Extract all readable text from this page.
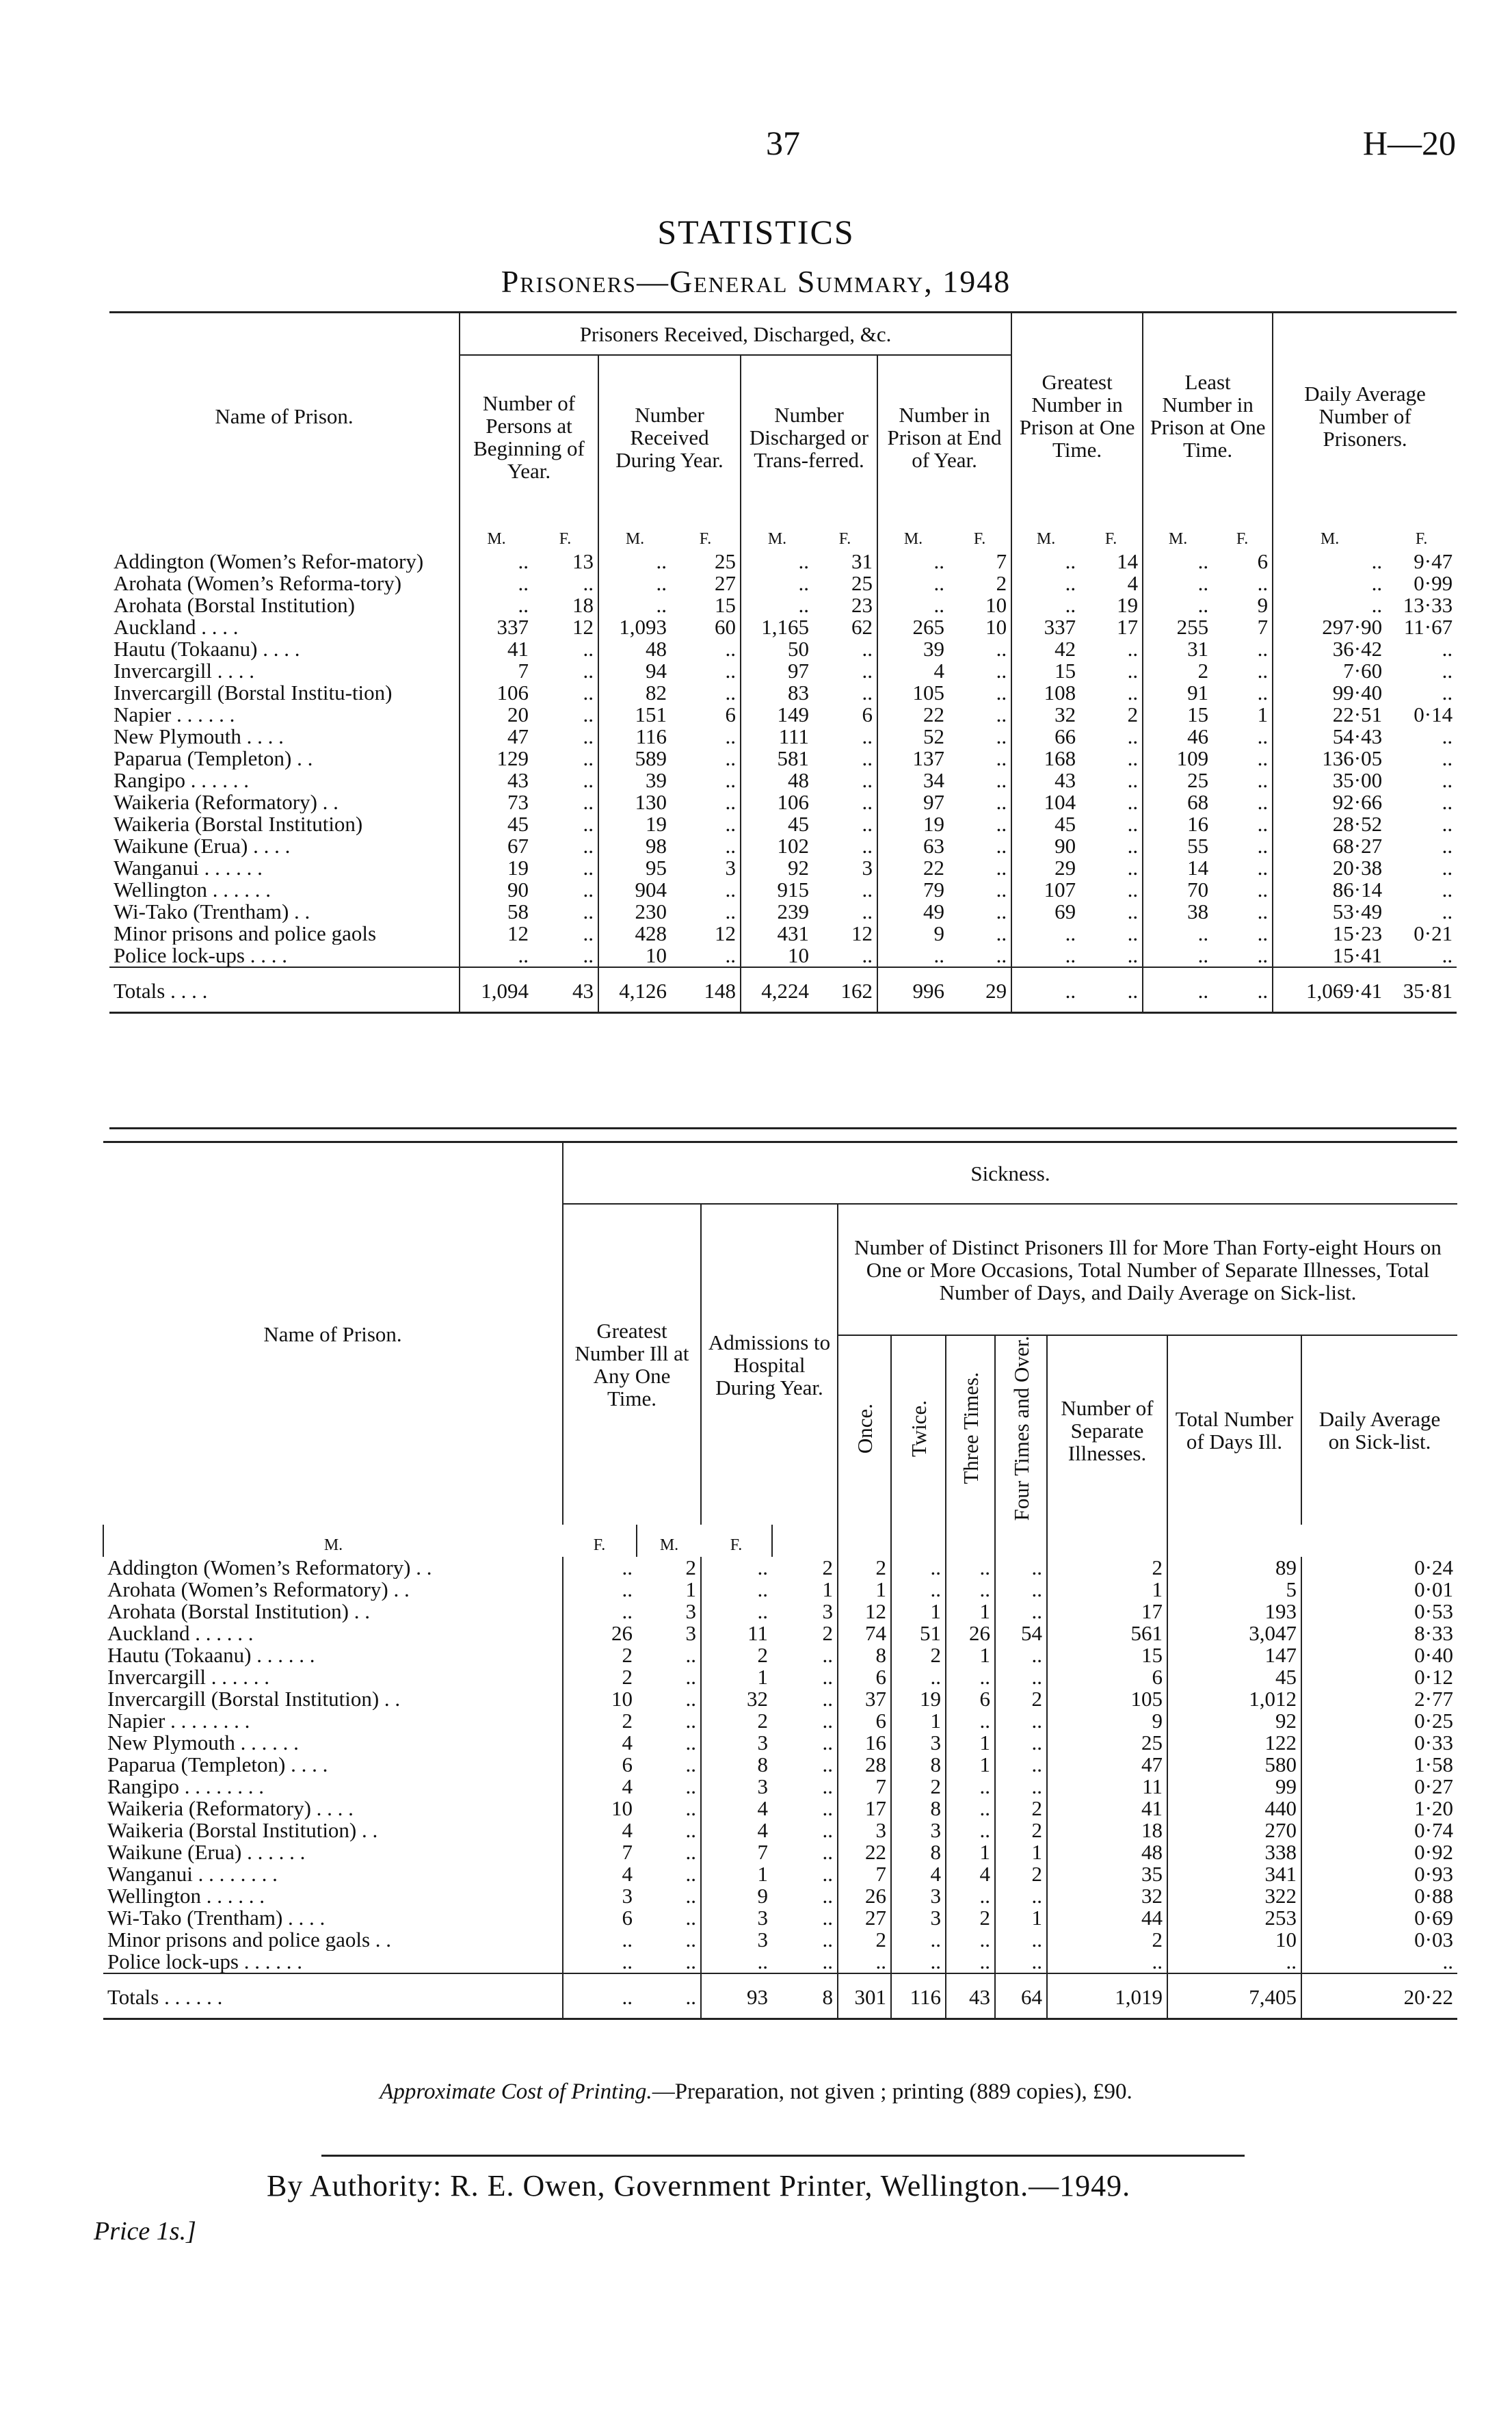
37	H—20
STATISTICS
Prisoners—General Summary, 1948
Name of Prison.	Prisoners Received, Discharged, &c.								Greatest Number in Prison at One Time.		Least Number in Prison at One Time.		Daily Average Number of Prisoners.	
	Number of Persons at Beginning of Year.		Number Received During Year.		Number Discharged or Trans-ferred.		Number in Prison at End of Year.							
	M.	F.	M.	F.	M.	F.	M.	F.	M.	F.	M.	F.	M.	F.
Addington (Women’s Refor-matory)	..	13	..	25	..	31	..	7	..	14	..	6	..	9·47
Arohata (Women’s Reforma-tory)	..	..	..	27	..	25	..	2	..	4	..	..	..	0·99
Arohata (Borstal Institution)	..	18	..	15	..	23	..	10	..	19	..	9	..	13·33
Auckland . . . .	337	12	1,093	60	1,165	62	265	10	337	17	255	7	297·90	11·67
Hautu (Tokaanu) . . . .	41	..	48	..	50	..	39	..	42	..	31	..	36·42	..
Invercargill . . . .	7	..	94	..	97	..	4	..	15	..	2	..	7·60	..
Invercargill (Borstal Institu-tion)	106	..	82	..	83	..	105	..	108	..	91	..	99·40	..
Napier . . . . . .	20	..	151	6	149	6	22	..	32	2	15	1	22·51	0·14
New Plymouth . . . .	47	..	116	..	111	..	52	..	66	..	46	..	54·43	..
Paparua (Templeton) . .	129	..	589	..	581	..	137	..	168	..	109	..	136·05	..
Rangipo . . . . . .	43	..	39	..	48	..	34	..	43	..	25	..	35·00	..
Waikeria (Reformatory) . .	73	..	130	..	106	..	97	..	104	..	68	..	92·66	..
Waikeria (Borstal Institution)	45	..	19	..	45	..	19	..	45	..	16	..	28·52	..
Waikune (Erua) . . . .	67	..	98	..	102	..	63	..	90	..	55	..	68·27	..
Wanganui . . . . . .	19	..	95	3	92	3	22	..	29	..	14	..	20·38	..
Wellington . . . . . .	90	..	904	..	915	..	79	..	107	..	70	..	86·14	..
Wi-Tako (Trentham) . .	58	..	230	..	239	..	49	..	69	..	38	..	53·49	..
Minor prisons and police gaols	12	..	428	12	431	12	9	..	..	..	..	..	15·23	0·21
Police lock-ups . . . .	..	..	10	..	10	..	..	..	..	..	..	..	15·41	..
Totals . . . .	1,094	43	4,126	148	4,224	162	996	29	..	..	..	..	1,069·41	35·81
Name of Prison.	Sickness.										
	Greatest Number Ill at Any One Time.		Admissions to Hospital During Year.		Number of Distinct Prisoners Ill for More Than Forty-eight Hours on One or More Occasions, Total Number of Separate Illnesses, Total Number of Days, and Daily Average on Sick-list.						
					Once.	Twice.	Three Times.	Four Times and Over.	Number of Separate Illnesses.	Total Number of Days Ill.	Daily Average on Sick-list.
M.	F.	M.	F.								
Addington (Women’s Reformatory) . .	..	2	..	2	2	..	..	..	2	89	0·24
Arohata (Women’s Reformatory) . .	..	1	..	1	1	..	..	..	1	5	0·01
Arohata (Borstal Institution) . .	..	3	..	3	12	1	1	..	17	193	0·53
Auckland . . . . . .	26	3	11	2	74	51	26	54	561	3,047	8·33
Hautu (Tokaanu) . . . . . .	2	..	2	..	8	2	1	..	15	147	0·40
Invercargill . . . . . .	2	..	1	..	6	..	..	..	6	45	0·12
Invercargill (Borstal Institution) . .	10	..	32	..	37	19	6	2	105	1,012	2·77
Napier . . . . . . . .	2	..	2	..	6	1	..	..	9	92	0·25
New Plymouth . . . . . .	4	..	3	..	16	3	1	..	25	122	0·33
Paparua (Templeton) . . . .	6	..	8	..	28	8	1	..	47	580	1·58
Rangipo . . . . . . . .	4	..	3	..	7	2	..	..	11	99	0·27
Waikeria (Reformatory) . . . .	10	..	4	..	17	8	..	2	41	440	1·20
Waikeria (Borstal Institution) . .	4	..	4	..	3	3	..	2	18	270	0·74
Waikune (Erua) . . . . . .	7	..	7	..	22	8	1	1	48	338	0·92
Wanganui . . . . . . . .	4	..	1	..	7	4	4	2	35	341	0·93
Wellington . . . . . .	3	..	9	..	26	3	..	..	32	322	0·88
Wi-Tako (Trentham) . . . .	6	..	3	..	27	3	2	1	44	253	0·69
Minor prisons and police gaols . .	..	..	3	..	2	..	..	..	2	10	0·03
Police lock-ups . . . . . .	..	..	..	..	..	..	..	..	..	..	..
Totals . . . . . .	..	..	93	8	301	116	43	64	1,019	7,405	20·22
Approximate Cost of Printing.—Preparation, not given ; printing (889 copies), £90.
By Authority: R. E. Owen, Government Printer, Wellington.—1949.
Price 1s.]
